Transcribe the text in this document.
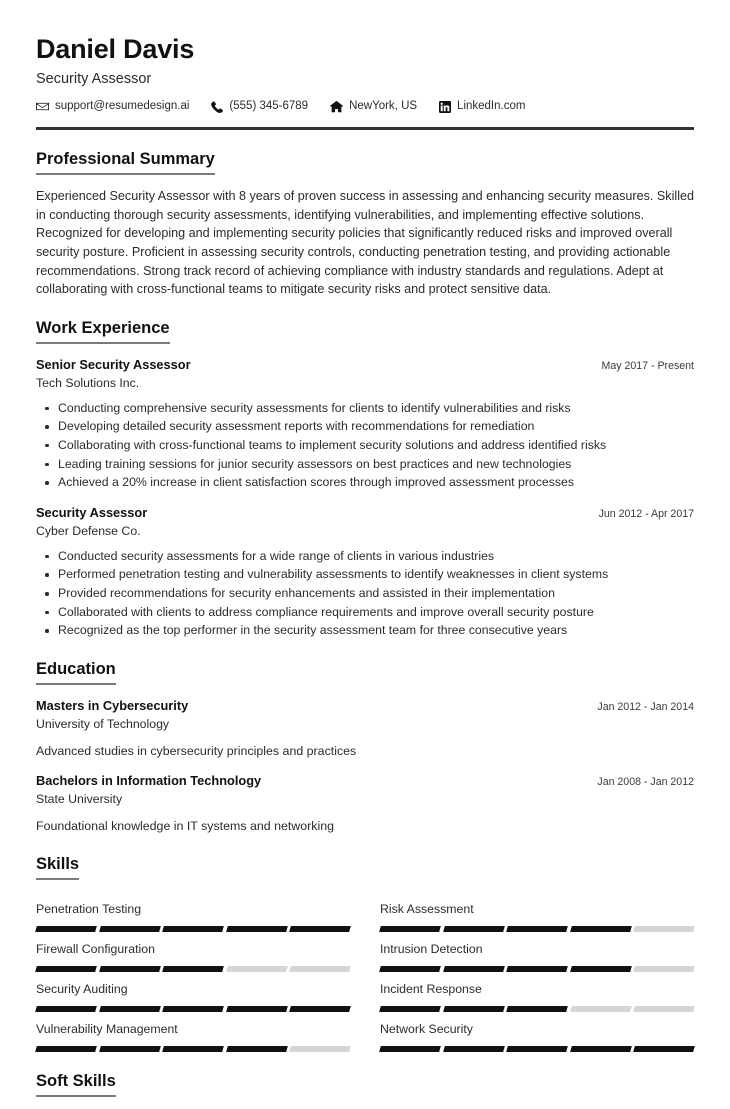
Daniel Davis
Security Assessor
support@resumedesign.ai	(555) 345-6789	NewYork, US	LinkedIn.com
Professional Summary
Experienced Security Assessor with 8 years of proven success in assessing and enhancing security measures. Skilled in conducting thorough security assessments, identifying vulnerabilities, and implementing effective solutions. Recognized for developing and implementing security policies that significantly reduced risks and improved overall security posture. Proficient in assessing security controls, conducting penetration testing, and providing actionable recommendations. Strong track record of achieving compliance with industry standards and regulations. Adept at collaborating with cross-functional teams to mitigate security risks and protect sensitive data.
Work Experience
Senior Security Assessor	May 2017 - Present
Tech Solutions Inc.
Conducting comprehensive security assessments for clients to identify vulnerabilities and risks
Developing detailed security assessment reports with recommendations for remediation
Collaborating with cross-functional teams to implement security solutions and address identified risks
Leading training sessions for junior security assessors on best practices and new technologies
Achieved a 20% increase in client satisfaction scores through improved assessment processes
Security Assessor	Jun 2012 - Apr 2017
Cyber Defense Co.
Conducted security assessments for a wide range of clients in various industries
Performed penetration testing and vulnerability assessments to identify weaknesses in client systems
Provided recommendations for security enhancements and assisted in their implementation
Collaborated with clients to address compliance requirements and improve overall security posture
Recognized as the top performer in the security assessment team for three consecutive years
Education
Masters in Cybersecurity	Jan 2012 - Jan 2014
University of Technology
Advanced studies in cybersecurity principles and practices
Bachelors in Information Technology	Jan 2008 - Jan 2012
State University
Foundational knowledge in IT systems and networking
Skills
Penetration Testing	Risk Assessment
Firewall Configuration	Intrusion Detection
Security Auditing	Incident Response
Vulnerability Management	Network Security
Soft Skills
